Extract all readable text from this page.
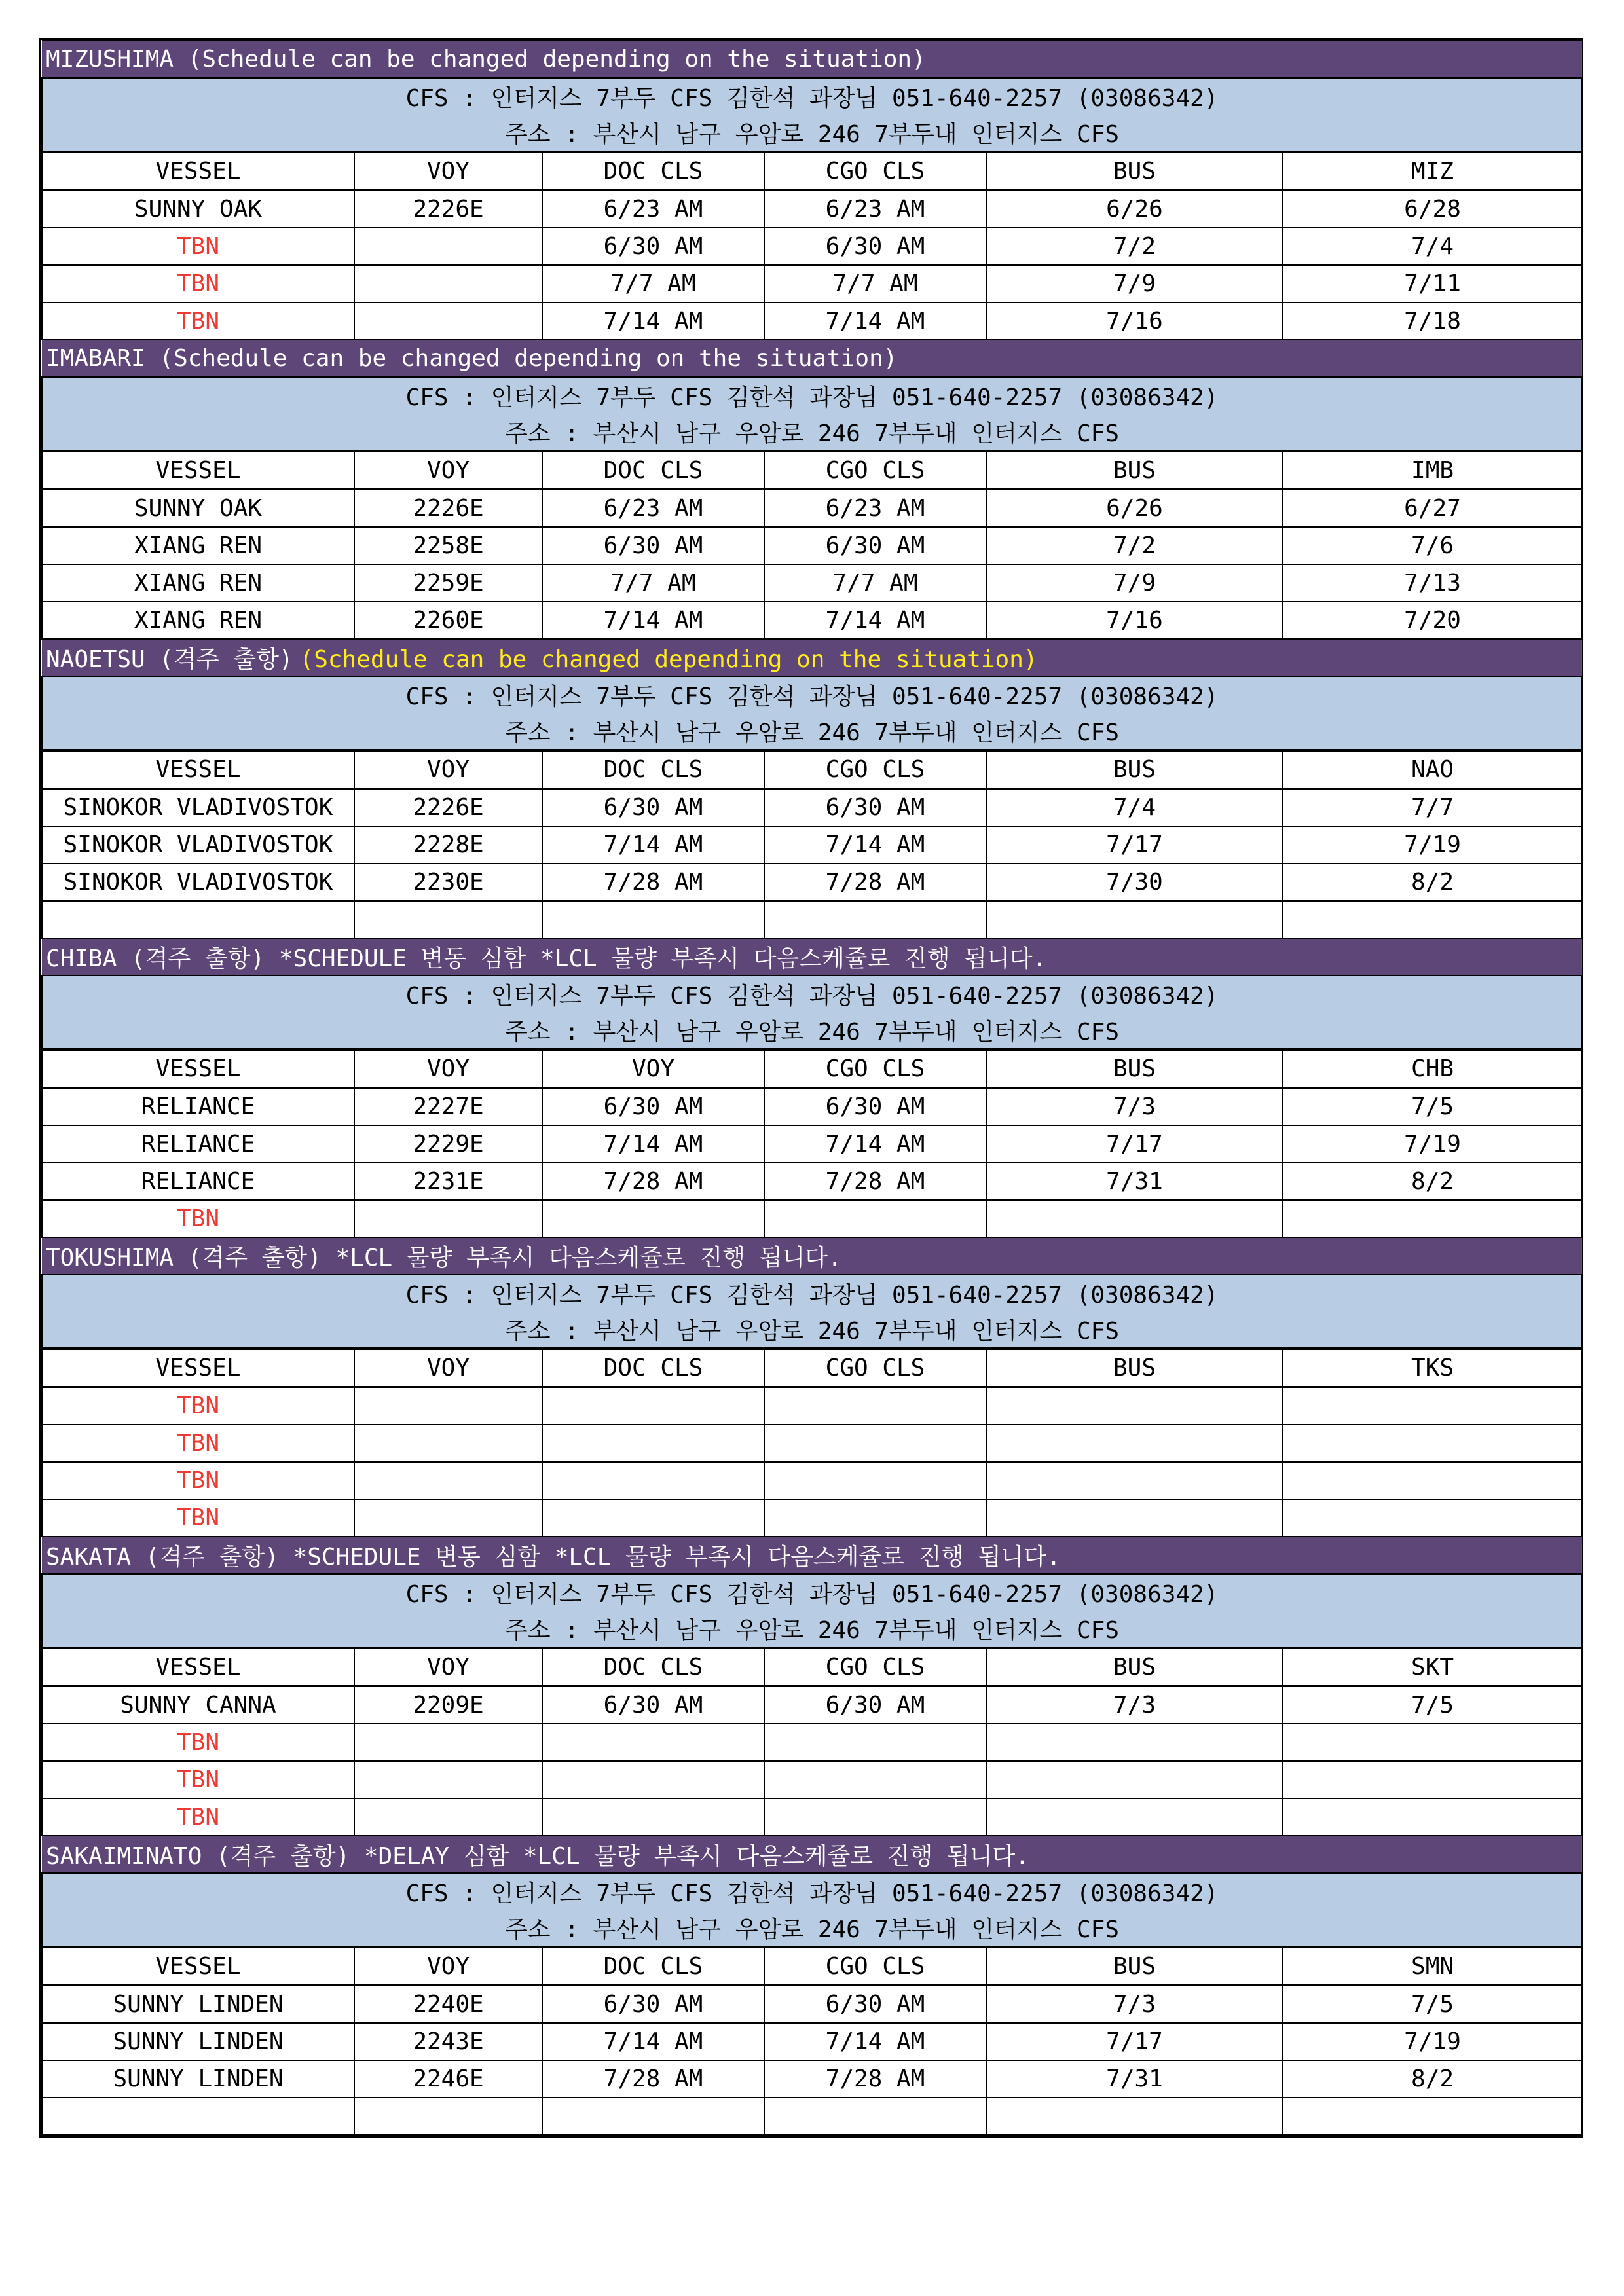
MIZUSHIMA (Schedule can be changed depending on the situation)					
CFS : 인터지스 7부두 CFS 김한석 과장님 051-640-2257 (03086342)					
주소 : 부산시 남구 우암로 246 7부두내 인터지스 CFS					
VESSEL	VOY	DOC CLS	CGO CLS	BUS	MIZ
SUNNY OAK	2226E	6/23 AM	6/23 AM	6/26	6/28
TBN		6/30 AM	6/30 AM	7/2	7/4
TBN		7/7 AM	7/7 AM	7/9	7/11
TBN		7/14 AM	7/14 AM	7/16	7/18
IMABARI (Schedule can be changed depending on the situation)					
CFS : 인터지스 7부두 CFS 김한석 과장님 051-640-2257 (03086342)					
주소 : 부산시 남구 우암로 246 7부두내 인터지스 CFS					
VESSEL	VOY	DOC CLS	CGO CLS	BUS	IMB
SUNNY OAK	2226E	6/23 AM	6/23 AM	6/26	6/27
XIANG REN	2258E	6/30 AM	6/30 AM	7/2	7/6
XIANG REN	2259E	7/7 AM	7/7 AM	7/9	7/13
XIANG REN	2260E	7/14 AM	7/14 AM	7/16	7/20
NAOETSU (격주 출항) (Schedule can be changed depending on the situation)					
CFS : 인터지스 7부두 CFS 김한석 과장님 051-640-2257 (03086342)					
주소 : 부산시 남구 우암로 246 7부두내 인터지스 CFS					
VESSEL	VOY	DOC CLS	CGO CLS	BUS	NAO
SINOKOR VLADIVOSTOK	2226E	6/30 AM	6/30 AM	7/4	7/7
SINOKOR VLADIVOSTOK	2228E	7/14 AM	7/14 AM	7/17	7/19
SINOKOR VLADIVOSTOK	2230E	7/28 AM	7/28 AM	7/30	8/2

CHIBA (격주 출항) *SCHEDULE 변동 심함 *LCL 물량 부족시 다음스케쥴로 진행 됩니다.					
CFS : 인터지스 7부두 CFS 김한석 과장님 051-640-2257 (03086342)					
주소 : 부산시 남구 우암로 246 7부두내 인터지스 CFS					
VESSEL	VOY	VOY	CGO CLS	BUS	CHB
RELIANCE	2227E	6/30 AM	6/30 AM	7/3	7/5
RELIANCE	2229E	7/14 AM	7/14 AM	7/17	7/19
RELIANCE	2231E	7/28 AM	7/28 AM	7/31	8/2
TBN					
TOKUSHIMA (격주 출항) *LCL 물량 부족시 다음스케쥴로 진행 됩니다.					
CFS : 인터지스 7부두 CFS 김한석 과장님 051-640-2257 (03086342)					
주소 : 부산시 남구 우암로 246 7부두내 인터지스 CFS					
VESSEL	VOY	DOC CLS	CGO CLS	BUS	TKS
TBN					
TBN					
TBN					
TBN					
SAKATA (격주 출항) *SCHEDULE 변동 심함 *LCL 물량 부족시 다음스케쥴로 진행 됩니다.					
CFS : 인터지스 7부두 CFS 김한석 과장님 051-640-2257 (03086342)					
주소 : 부산시 남구 우암로 246 7부두내 인터지스 CFS					
VESSEL	VOY	DOC CLS	CGO CLS	BUS	SKT
SUNNY CANNA	2209E	6/30 AM	6/30 AM	7/3	7/5
TBN					
TBN					
TBN					
SAKAIMINATO (격주 출항) *DELAY 심함 *LCL 물량 부족시 다음스케쥴로 진행 됩니다.					
CFS : 인터지스 7부두 CFS 김한석 과장님 051-640-2257 (03086342)					
주소 : 부산시 남구 우암로 246 7부두내 인터지스 CFS					
VESSEL	VOY	DOC CLS	CGO CLS	BUS	SMN
SUNNY LINDEN	2240E	6/30 AM	6/30 AM	7/3	7/5
SUNNY LINDEN	2243E	7/14 AM	7/14 AM	7/17	7/19
SUNNY LINDEN	2246E	7/28 AM	7/28 AM	7/31	8/2
